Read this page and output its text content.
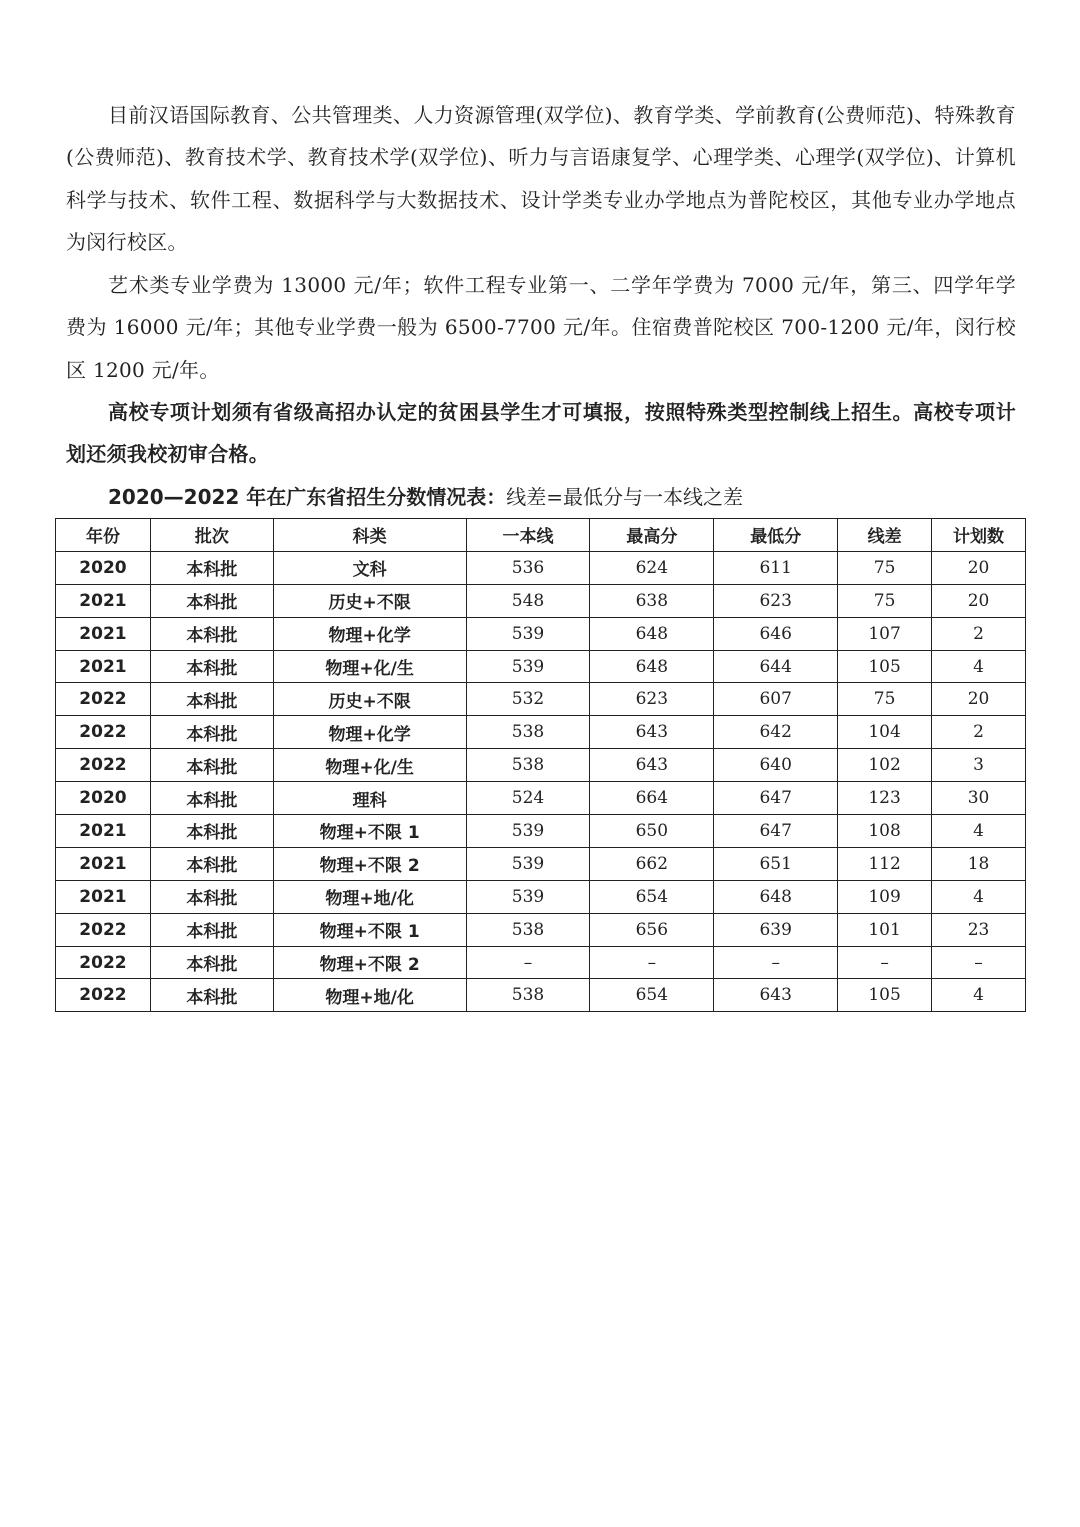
目前汉语国际教育、公共管理类、人力资源管理(双学位)、教育学类、学前教育(公费师范)、特殊教育(公费师范)、教育技术学、教育技术学(双学位)、听力与言语康复学、心理学类、心理学(双学位)、计算机科学与技术、软件工程、数据科学与大数据技术、设计学类专业办学地点为普陀校区，其他专业办学地点为闵行校区。

艺术类专业学费为 13000 元/年；软件工程专业第一、二学年学费为 7000 元/年，第三、四学年学费为 16000 元/年；其他专业学费一般为 6500-7700 元/年。住宿费普陀校区 700-1200 元/年，闵行校区 1200 元/年。

高校专项计划须有省级高招办认定的贫困县学生才可填报，按照特殊类型控制线上招生。高校专项计划还须我校初审合格。

2020—2022 年在广东省招生分数情况表：线差=最低分与一本线之差
年份	批次	科类	一本线	最高分	最低分	线差	计划数
2020	本科批	文科	536	624	611	75	20
2021	本科批	历史+不限	548	638	623	75	20
2021	本科批	物理+化学	539	648	646	107	2
2021	本科批	物理+化/生	539	648	644	105	4
2022	本科批	历史+不限	532	623	607	75	20
2022	本科批	物理+化学	538	643	642	104	2
2022	本科批	物理+化/生	538	643	640	102	3
2020	本科批	理科	524	664	647	123	30
2021	本科批	物理+不限 1	539	650	647	108	4
2021	本科批	物理+不限 2	539	662	651	112	18
2021	本科批	物理+地/化	539	654	648	109	4
2022	本科批	物理+不限 1	538	656	639	101	23
2022	本科批	物理+不限 2	–	–	–	–	–
2022	本科批	物理+地/化	538	654	643	105	4
